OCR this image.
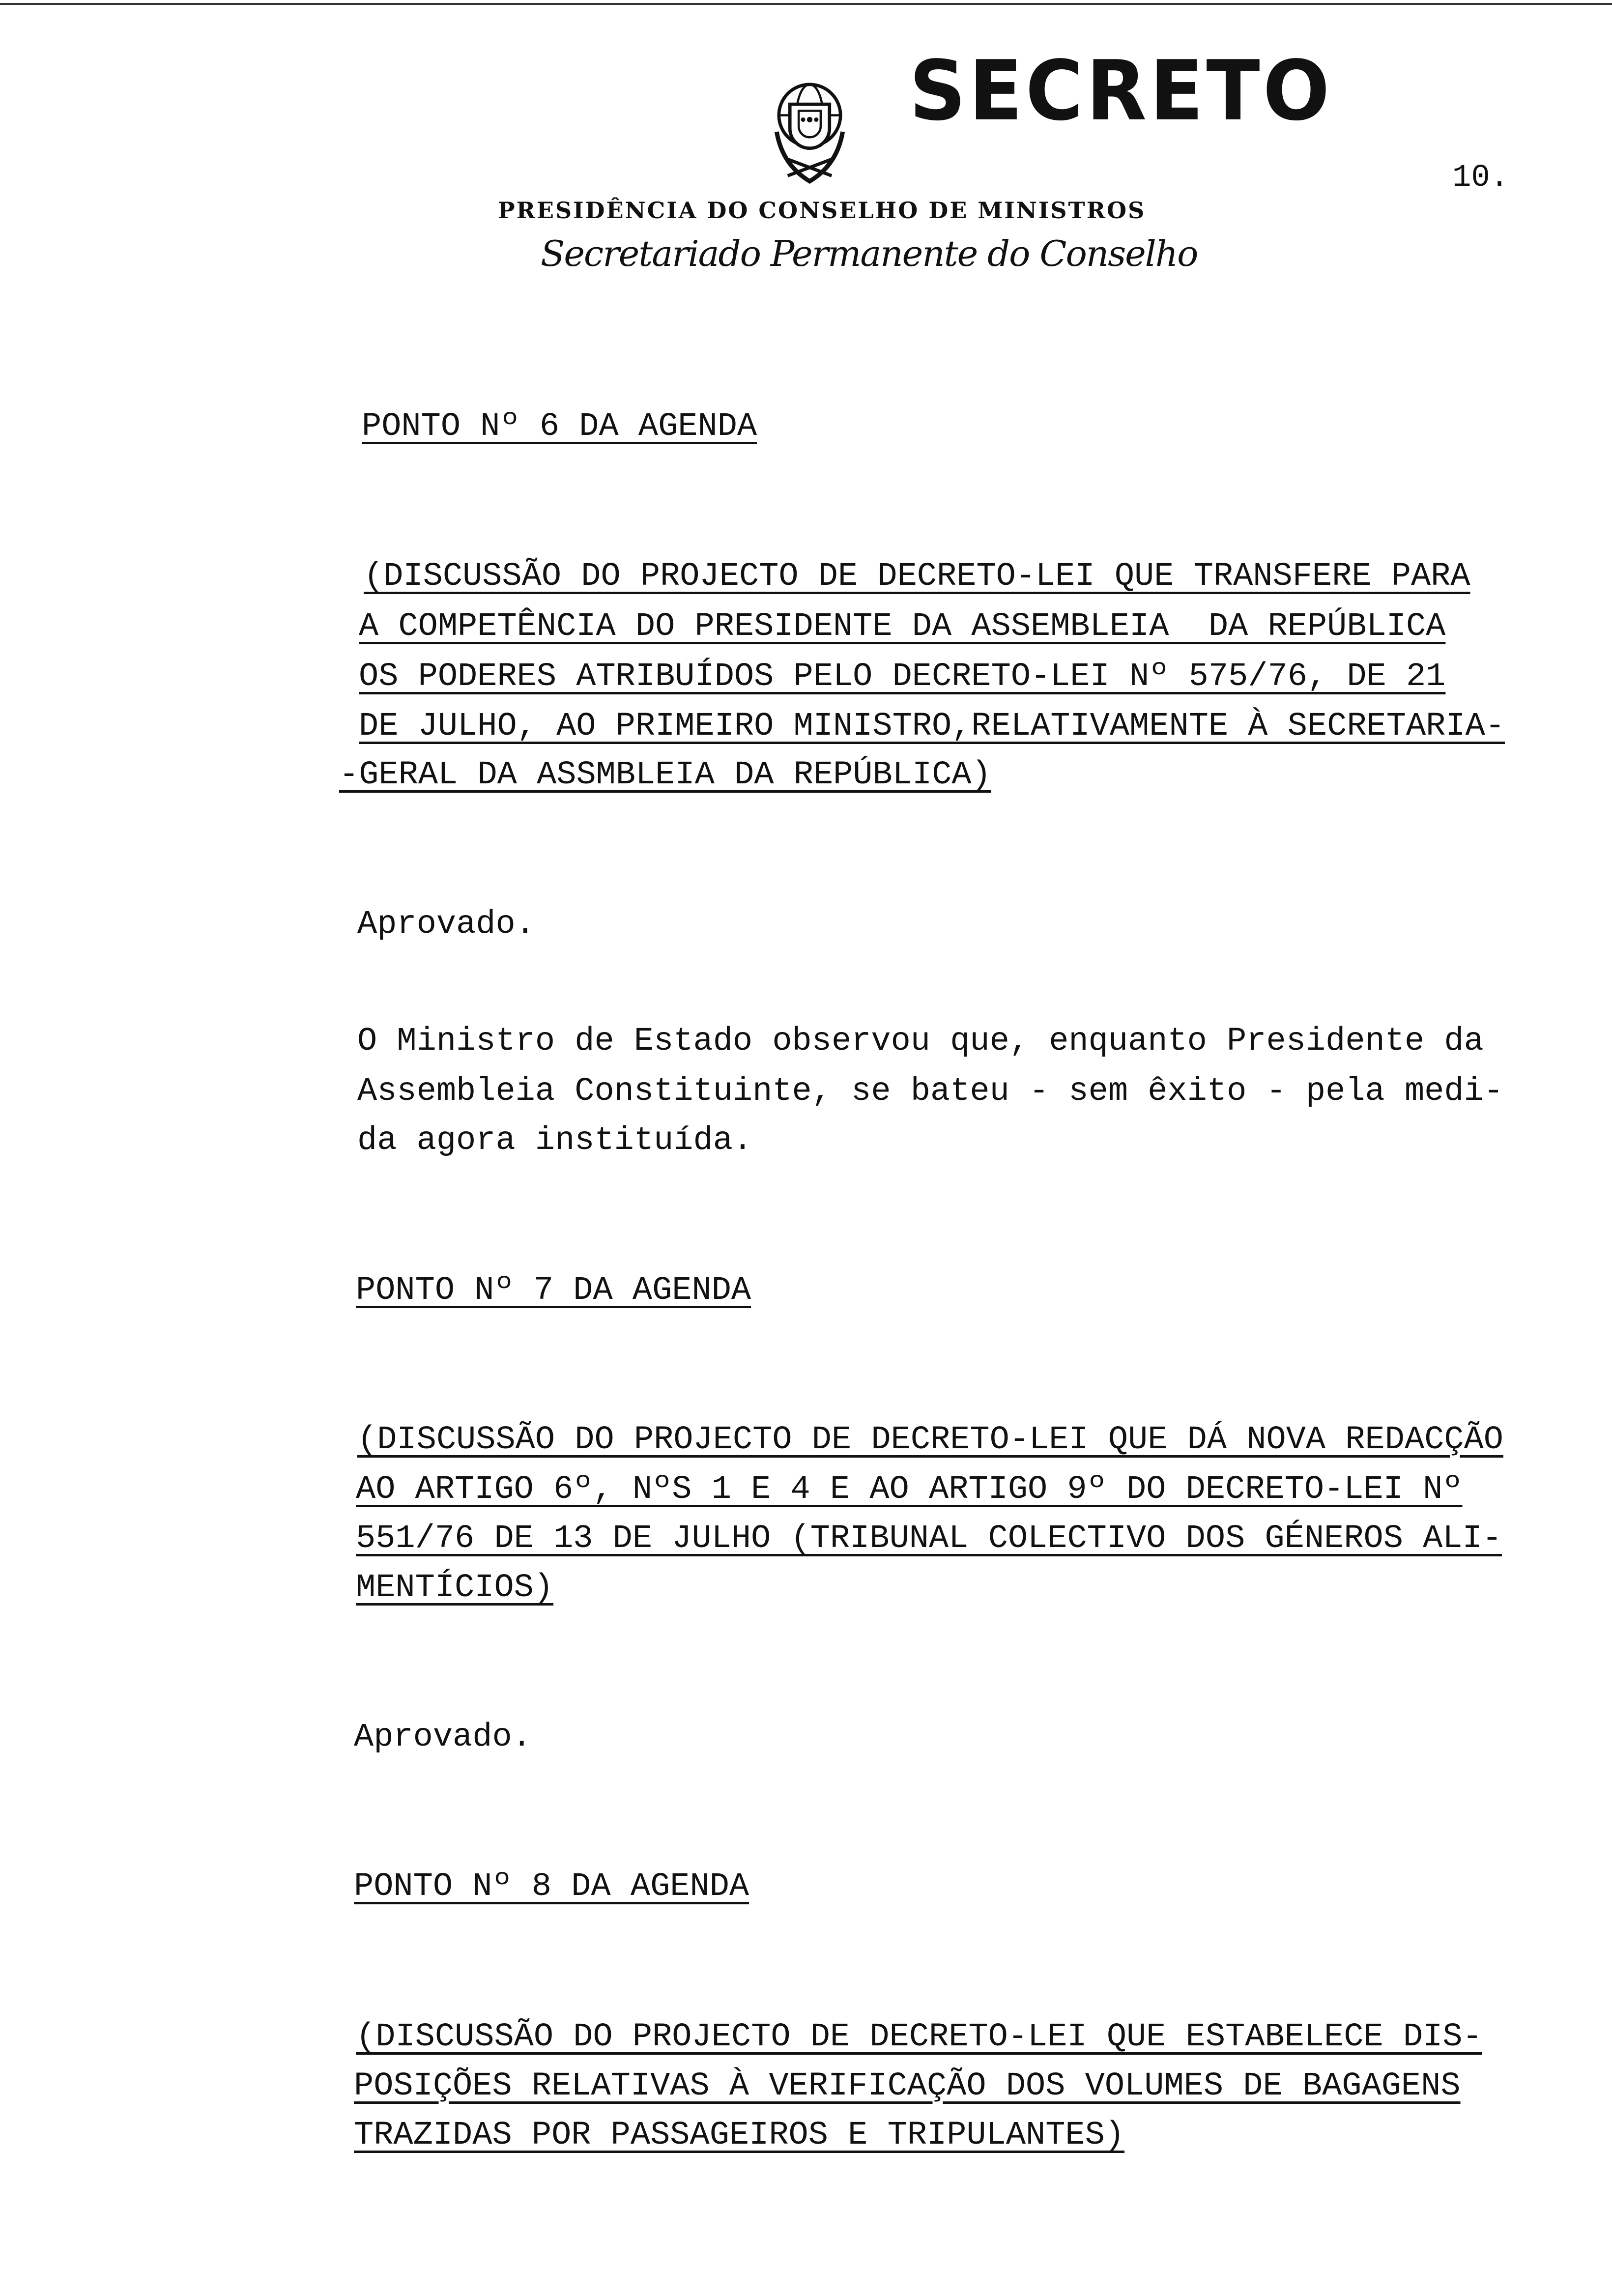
SECRETO
10.
PRESIDÊNCIA DO CONSELHO DE MINISTROS
Secretariado Permanente do Conselho
PONTO Nº 6 DA AGENDA
(DISCUSSÃO DO PROJECTO DE DECRETO-LEI QUE TRANSFERE PARA
A COMPETÊNCIA DO PRESIDENTE DA ASSEMBLEIA  DA REPÚBLICA
OS PODERES ATRIBUÍDOS PELO DECRETO-LEI Nº 575/76, DE 21
DE JULHO, AO PRIMEIRO MINISTRO,RELATIVAMENTE À SECRETARIA-
-GERAL DA ASSMBLEIA DA REPÚBLICA)
Aprovado.
O Ministro de Estado observou que, enquanto Presidente da
Assembleia Constituinte, se bateu - sem êxito - pela medi-
da agora instituída.
PONTO Nº 7 DA AGENDA
(DISCUSSÃO DO PROJECTO DE DECRETO-LEI QUE DÁ NOVA REDACÇÃO
AO ARTIGO 6º, NºS 1 E 4 E AO ARTIGO 9º DO DECRETO-LEI Nº
551/76 DE 13 DE JULHO (TRIBUNAL COLECTIVO DOS GÉNEROS ALI-
MENTÍCIOS)
Aprovado.
PONTO Nº 8 DA AGENDA
(DISCUSSÃO DO PROJECTO DE DECRETO-LEI QUE ESTABELECE DIS-
POSIÇÕES RELATIVAS À VERIFICAÇÃO DOS VOLUMES DE BAGAGENS
TRAZIDAS POR PASSAGEIROS E TRIPULANTES)
